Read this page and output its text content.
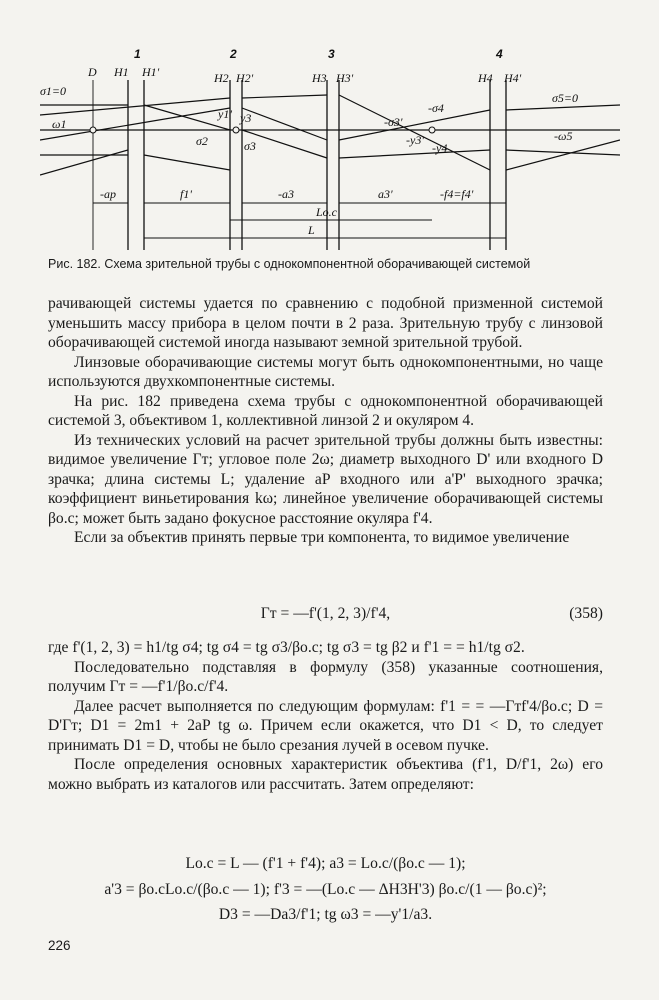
1	2	3	4
D H1 H1'	H2 H2'	H3 H3'	H4 H4'
σ1=0
ω1
σ2
y1' y3
σ3
-σ3'
-σ4
-y3'
-y4
σ5=0
-ω5
-ap	f1'	-a3	a3'	-f4=f4'
Lo.c
L
Рис. 182. Схема зрительной трубы с однокомпонентной оборачивающей системой

рачивающей системы удается по сравнению с подобной призменной системой уменьшить массу прибора в целом почти в 2 раза. Зрительную трубу с линзовой оборачивающей системой иногда называют земной зрительной трубой.

Линзовые оборачивающие системы могут быть однокомпонентными, но чаще используются двухкомпонентные системы.

На рис. 182 приведена схема трубы с однокомпонентной оборачивающей системой 3, объективом 1, коллективной линзой 2 и окуляром 4.

Из технических условий на расчет зрительной трубы должны быть известны: видимое увеличение Гт; угловое поле 2ω; диаметр выходного D' или входного D зрачка; длина системы L; удаление aP входного или a'P' выходного зрачка; коэффициент виньетирования kω; линейное увеличение оборачивающей системы βо.с; может быть задано фокусное расстояние окуляра f'4.

Если за объектив принять первые три компонента, то видимое увеличение

Гт = —f'(1, 2, 3)/f'4,	(358)

где f'(1, 2, 3) = h1/tg σ4; tg σ4 = tg σ3/βо.с; tg σ3 = tg β2 и f'1 = = h1/tg σ2.

Последовательно подставляя в формулу (358) указанные соотношения, получим Гт = —f'1/βо.с/f'4.

Далее расчет выполняется по следующим формулам: f'1 = = —Гтf'4/βо.с; D = D'Гт; D1 = 2m1 + 2aP tg ω. Причем если окажется, что D1 < D, то следует принимать D1 = D, чтобы не было срезания лучей в осевом пучке.

После определения основных характеристик объектива (f'1, D/f'1, 2ω) его можно выбрать из каталогов или рассчитать. Затем определяют:

Lо.с = L — (f'1 + f'4); a3 = Lо.с/(βо.с — 1);
a'3 = βо.сLо.с/(βо.с — 1); f'3 = —(Lо.с — ΔH3H'3) βо.с/(1 — βо.с)²;
D3 = —Da3/f'1; tg ω3 = —y'1/a3.
226
